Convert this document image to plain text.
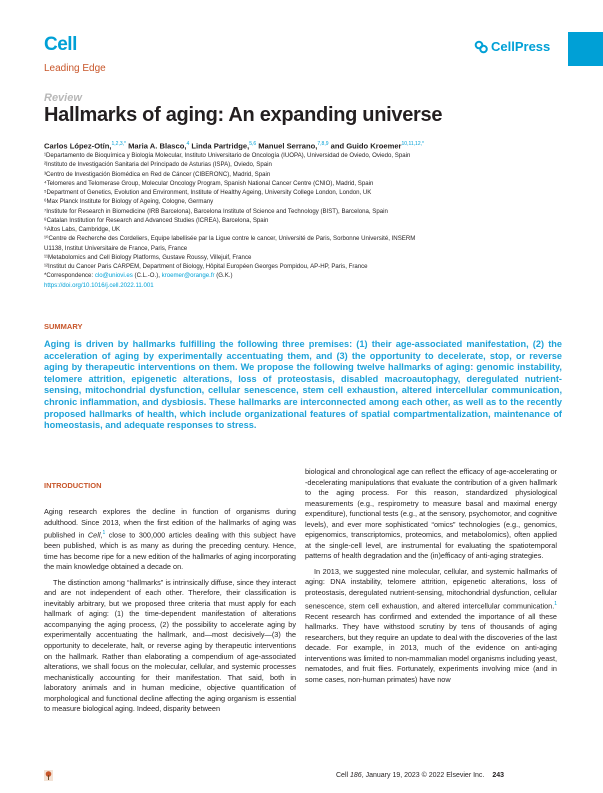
Cell
Leading Edge
CellPress
Review
Hallmarks of aging: An expanding universe
Carlos López-Otín,$^{1,2,3,*}$ Maria A. Blasco,$^4$ Linda Partridge,$^{5,6}$ Manuel Serrano,$^{7,8,9}$ and Guido Kroemer$^{10,11,12,*}$
¹Departamento de Bioquímica y Biología Molecular, Instituto Universitario de Oncología (IUOPA), Universidad de Oviedo, Oviedo, Spain
²Instituto de Investigación Sanitaria del Principado de Asturias (ISPA), Oviedo, Spain
³Centro de Investigación Biomédica en Red de Cáncer (CIBERONC), Madrid, Spain
⁴Telomeres and Telomerase Group, Molecular Oncology Program, Spanish National Cancer Centre (CNIO), Madrid, Spain
⁵Department of Genetics, Evolution and Environment, Institute of Healthy Ageing, University College London, London, UK
⁶Max Planck Institute for Biology of Ageing, Cologne, Germany
⁷Institute for Research in Biomedicine (IRB Barcelona), Barcelona Institute of Science and Technology (BIST), Barcelona, Spain
⁸Catalan Institution for Research and Advanced Studies (ICREA), Barcelona, Spain
⁹Altos Labs, Cambridge, UK
¹⁰Centre de Recherche des Cordeliers, Equipe labellisée par la Ligue contre le cancer, Université de Paris, Sorbonne Université, INSERM
U1138, Institut Universitaire de France, Paris, France
¹¹Metabolomics and Cell Biology Platforms, Gustave Roussy, Villejuif, France
¹²Institut du Cancer Paris CARPEM, Department of Biology, Hôpital Européen Georges Pompidou, AP-HP, Paris, France
*Correspondence: clo@uniovi.es (C.L.-O.), kroemer@orange.fr (G.K.)
https://doi.org/10.1016/j.cell.2022.11.001
SUMMARY
Aging is driven by hallmarks fulfilling the following three premises: (1) their age-associated manifestation, (2) the acceleration of aging by experimentally accentuating them, and (3) the opportunity to decelerate, stop, or reverse aging by therapeutic interventions on them. We propose the following twelve hallmarks of aging: genomic instability, telomere attrition, epigenetic alterations, loss of proteostasis, disabled macroautophagy, deregulated nutrient-sensing, mitochondrial dysfunction, cellular senescence, stem cell exhaustion, altered intercellular communication, chronic inflammation, and dysbiosis. These hallmarks are interconnected among each other, as well as to the recently proposed hallmarks of health, which include organizational features of spatial compartmentalization, maintenance of homeostasis, and adequate responses to stress.
INTRODUCTION

Aging research explores the decline in function of organisms during adulthood. Since 2013, when the first edition of the hallmarks of aging was published in Cell,$^1$ close to 300,000 articles dealing with this subject have been published, which is as many as during the preceding century. Hence, time has become ripe for a new edition of the hallmarks of aging incorporating the main knowledge obtained a decade on.

The distinction among “hallmarks” is intrinsically diffuse, since they interact and are not independent of each other. Therefore, their classification is inevitably arbitrary, but we proposed three criteria that must apply for each hallmark of aging: (1) the time-dependent manifestation of alterations accompanying the aging process, (2) the possibility to accelerate aging by experimentally accentuating the hallmark, and—most decisively—(3) the opportunity to decelerate, halt, or reverse aging by therapeutic interventions on the hallmark. Rather than elaborating a compendium of age-associated alterations, we shall focus on the molecular, cellular, and systemic processes mechanistically accounting for their manifestation. That said, both in laboratory animals and in human medicine, objective quantification of morphological and functional decline affecting the aging organism is essential to measure biological aging. Indeed, disparity between

biological and chronological age can reflect the efficacy of age-accelerating or -decelerating manipulations that evaluate the contribution of a given hallmark to the aging process. For this reason, standardized physiological measurements (e.g., respirometry to measure basal and maximal energy expenditure), functional tests (e.g., at the sensory, psychomotor, and cognitive levels), and ever more sophisticated “omics” technologies (e.g., genomics, epigenomics, transcriptomics, proteomics, and metabolomics), often applied at the single-cell level, are instrumental for evaluating the spatiotemporal patterns of health degradation and the (in)efficacy of anti-aging strategies.

In 2013, we suggested nine molecular, cellular, and systemic hallmarks of aging: DNA instability, telomere attrition, epigenetic alterations, loss of proteostasis, deregulated nutrient-sensing, mitochondrial dysfunction, cellular senescence, stem cell exhaustion, and altered intercellular communication.$^1$ Recent research has confirmed and extended the importance of all these hallmarks. They have withstood scrutiny by tens of thousands of aging researchers, but they require an update to deal with the discoveries of the last decade. For example, in 2013, much of the evidence on anti-aging interventions was limited to non-mammalian model organisms including yeast, nematodes, and fruit flies. Fortunately, experiments involving mice (and in some cases, non-human primates) have now

Cell 186, January 19, 2023 © 2022 Elsevier Inc. 243
